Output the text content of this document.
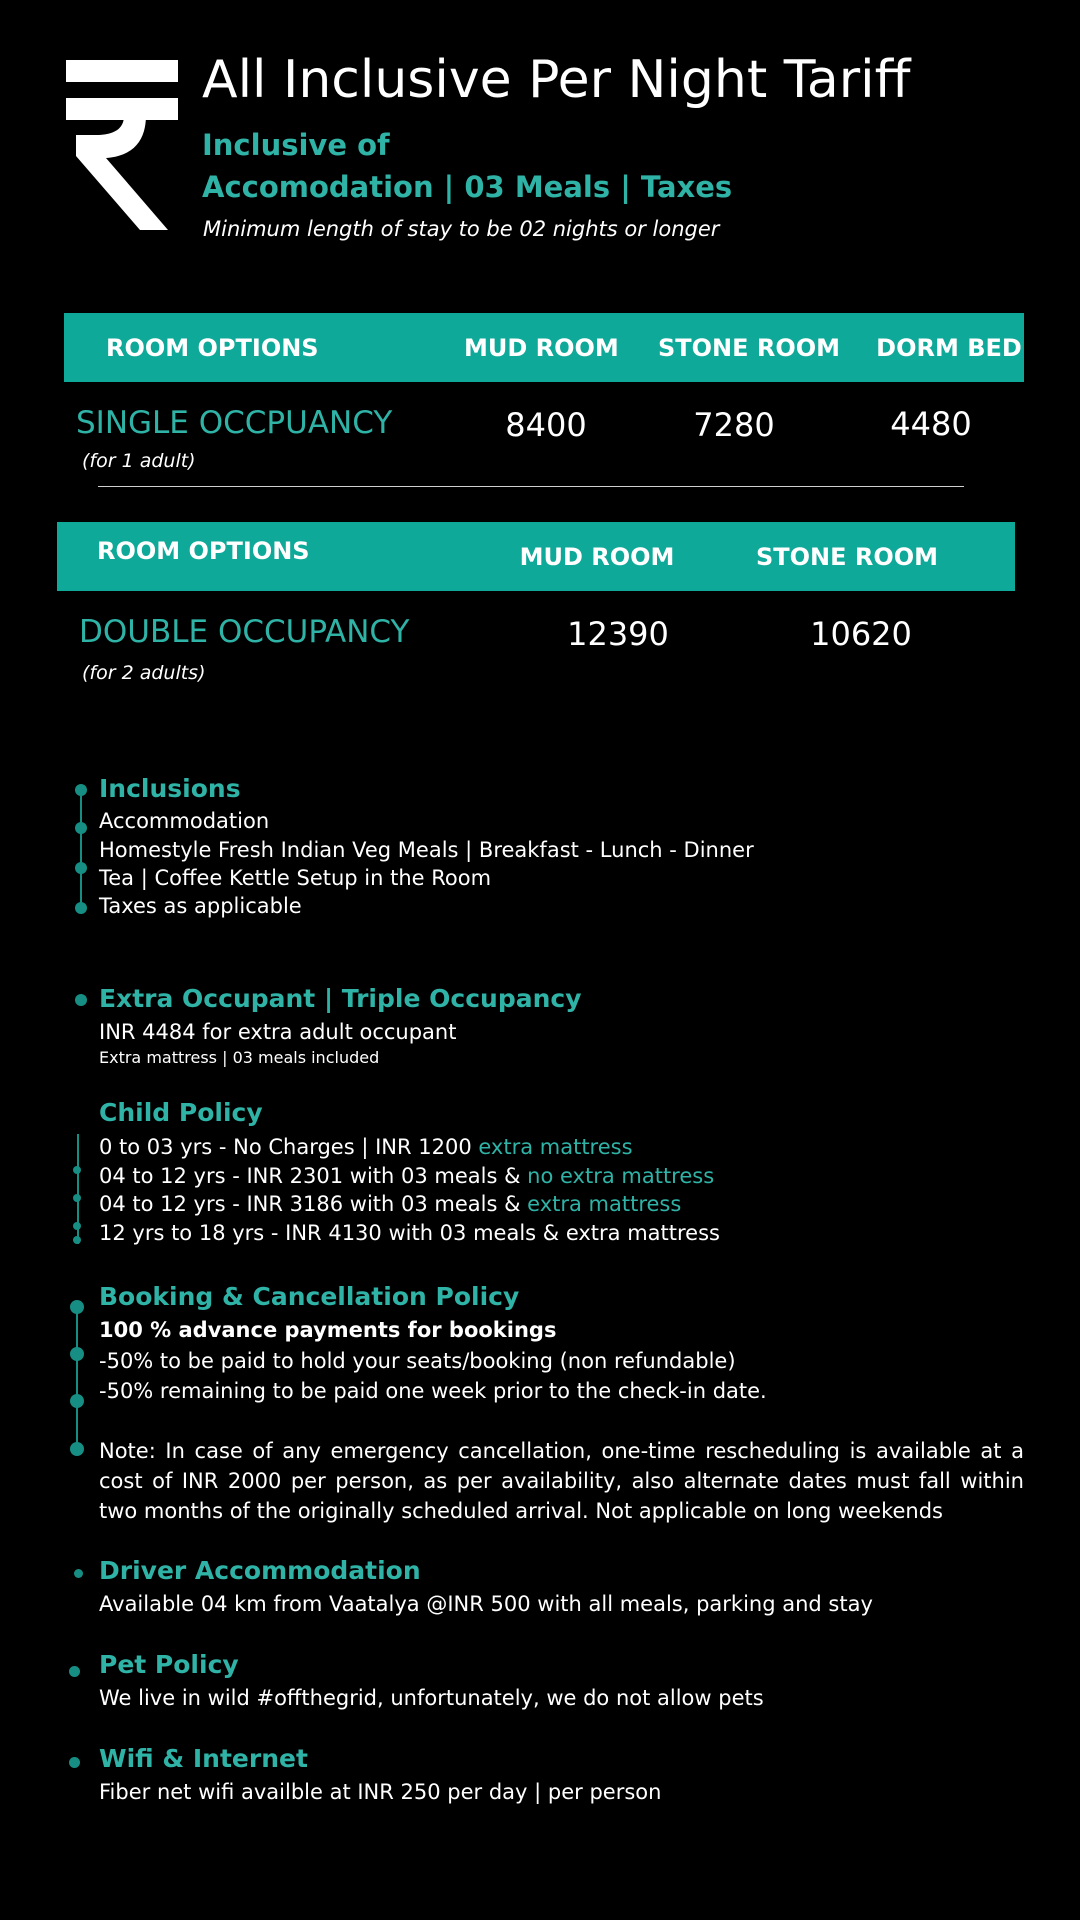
All Inclusive Per Night Tariff
Inclusive of
Accomodation | 03 Meals | Taxes
Minimum length of stay to be 02 nights or longer
ROOM OPTIONS	MUD ROOM	STONE ROOM	DORM BED
SINGLE OCCPUANCY
(for 1 adult)
8400	7280	4480
ROOM OPTIONS	MUD ROOM	STONE ROOM
DOUBLE OCCUPANCY
(for 2 adults)
12390	10620
Inclusions
Accommodation
Homestyle Fresh Indian Veg Meals | Breakfast - Lunch - Dinner
Tea | Coffee Kettle Setup in the Room
Taxes as applicable
Extra Occupant | Triple Occupancy
INR 4484 for extra adult occupant
Extra mattress | 03 meals included
Child Policy
0 to 03 yrs - No Charges | INR 1200 extra mattress
04 to 12 yrs - INR 2301 with 03 meals & no extra mattress
04 to 12 yrs - INR 3186 with 03 meals & extra mattress
12 yrs to 18 yrs - INR 4130 with 03 meals & extra mattress
Booking & Cancellation Policy
100 % advance payments for bookings
-50% to be paid to hold your seats/booking (non refundable)
-50% remaining to be paid one week prior to the check-in date.
Note: In case of any emergency cancellation, one-time rescheduling is available at a cost of INR 2000 per person, as per availability, also alternate dates must fall within two months of the originally scheduled arrival. Not applicable on long weekends
Driver Accommodation
Available 04 km from Vaatalya @INR 500 with all meals, parking and stay
Pet Policy
We live in wild #offthegrid, unfortunately, we do not allow pets
Wifi & Internet
Fiber net wifi availble at INR 250 per day | per person
